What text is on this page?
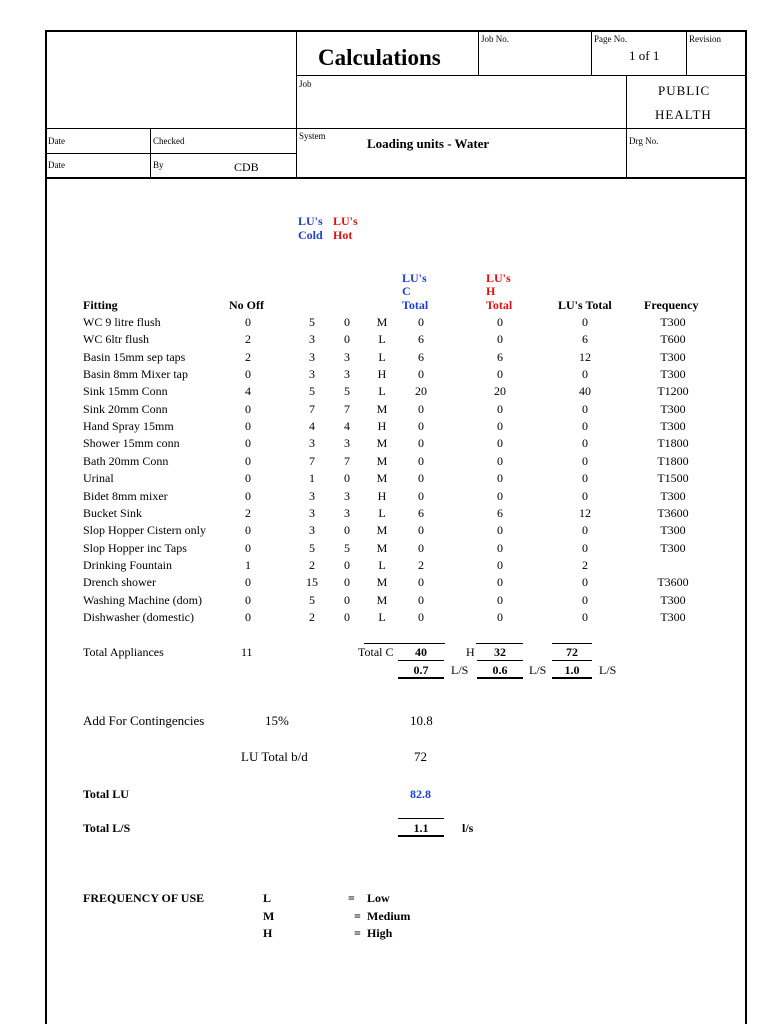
Calculations
Job No.	Page No.
1 of 1
Revision
Job	PUBLIC
HEALTH
System	Loading units - Water	Drg No.
Date	Checked
Date	By	CDB
LU's
Cold
LU's
Hot
Fitting	No Off
LU's
C
Total
LU's
H
Total	LU's Total	Frequency
WC 9 litre flush	0	5	0	M	0	0	0	T300
WC 6ltr flush	2	3	0	L	6	0	6	T600
Basin 15mm sep taps	2	3	3	L	6	6	12	T300
Basin 8mm Mixer tap	0	3	3	H	0	0	0	T300
Sink 15mm Conn	4	5	5	L	20	20	40	T1200
Sink 20mm Conn	0	7	7	M	0	0	0	T300
Hand Spray 15mm	0	4	4	H	0	0	0	T300
Shower 15mm conn	0	3	3	M	0	0	0	T1800
Bath 20mm Conn	0	7	7	M	0	0	0	T1800
Urinal	0	1	0	M	0	0	0	T1500
Bidet 8mm mixer	0	3	3	H	0	0	0	T300
Bucket Sink	2	3	3	L	6	6	12	T3600
Slop Hopper Cistern only	0	3	0	M	0	0	0	T300
Slop Hopper inc Taps	0	5	5	M	0	0	0	T300
Drinking Fountain	1	2	0	L	2	0	2
Drench shower	0	15	0	M	0	0	0	T3600
Washing Machine (dom)	0	5	0	M	0	0	0	T300
Dishwasher (domestic)	0	2	0	L	0	0	0	T300
Total Appliances	11	Total C	40	H	32	72
0.7	L/S	0.6	L/S	1.0	L/S
Add For Contingencies	15%	10.8
LU Total b/d	72
Total LU	82.8
Total L/S	1.1	l/s
FREQUENCY OF USE	L	= Low
M	= Medium
H	= High
